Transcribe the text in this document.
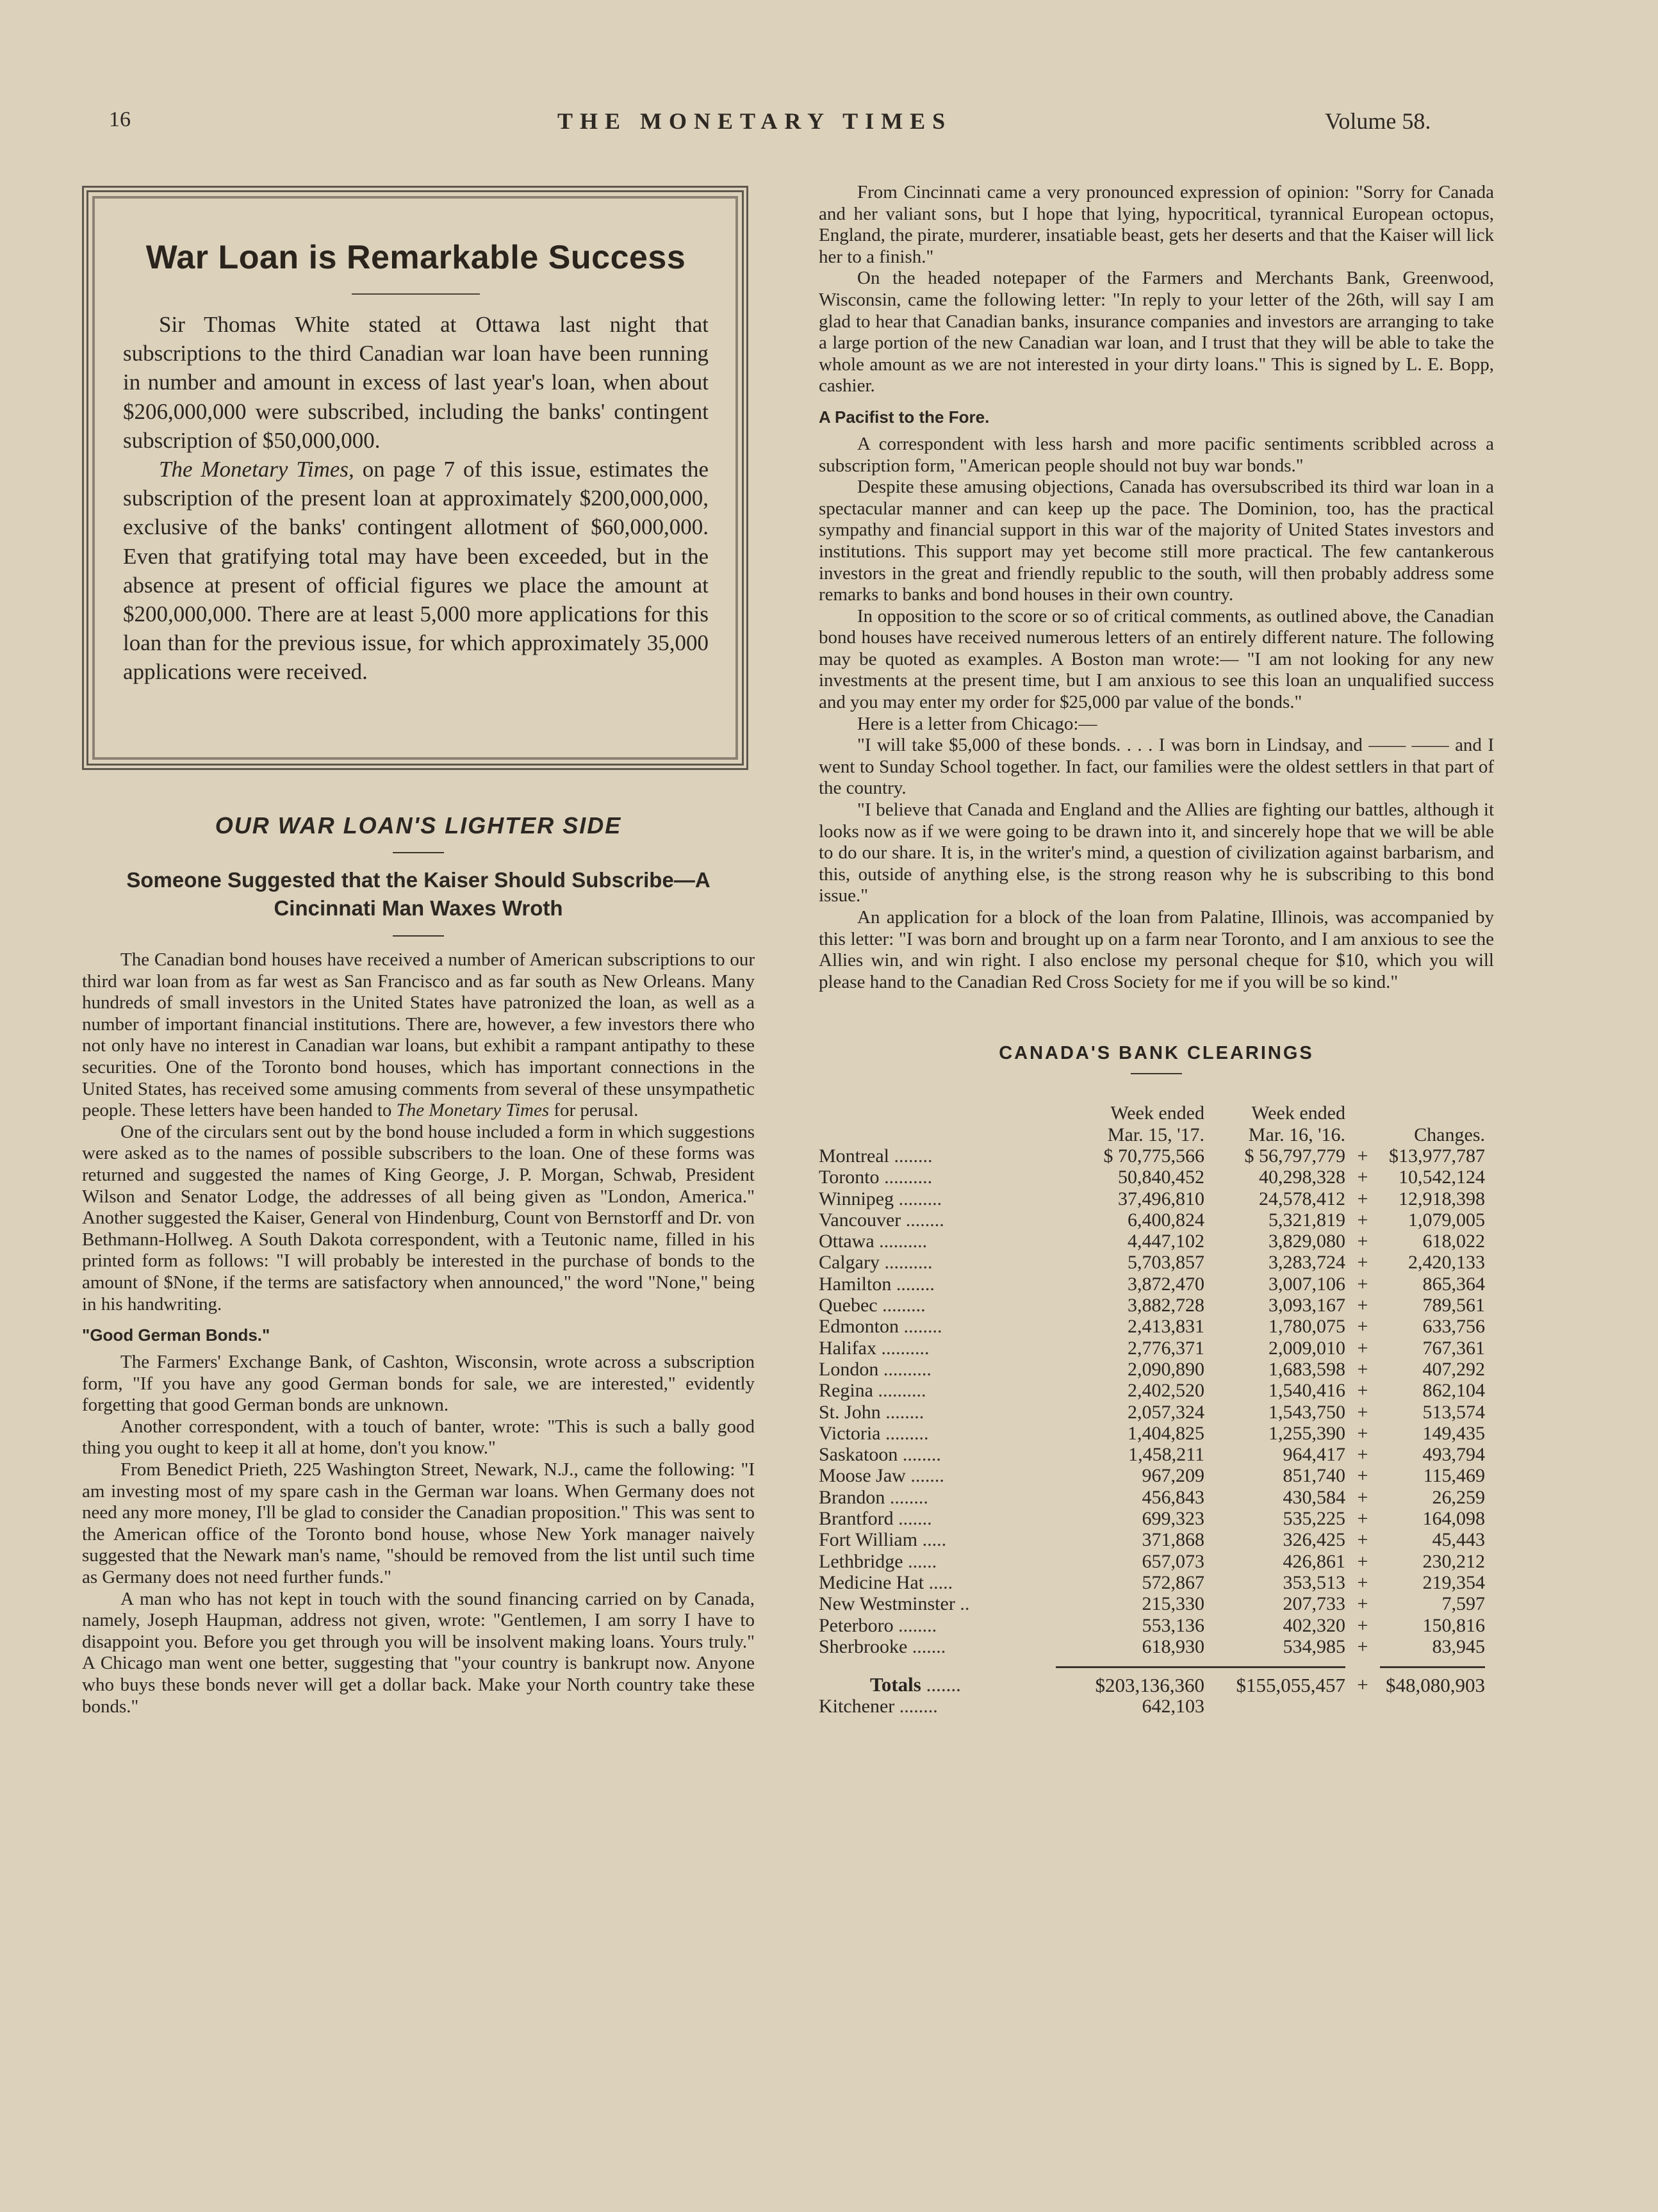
16	THE MONETARY TIMES	Volume 58.
War Loan is Remarkable Success

Sir Thomas White stated at Ottawa last night that subscriptions to the third Canadian war loan have been running in number and amount in excess of last year's loan, when about $206,000,000 were subscribed, including the banks' contingent subscription of $50,000,000.

The Monetary Times, on page 7 of this issue, estimates the subscription of the present loan at approximately $200,000,000, exclusive of the banks' contingent allotment of $60,000,000. Even that gratifying total may have been exceeded, but in the absence at present of official figures we place the amount at $200,000,000. There are at least 5,000 more applications for this loan than for the previous issue, for which approximately 35,000 applications were received.

OUR WAR LOAN'S LIGHTER SIDE

Someone Suggested that the Kaiser Should Subscribe—A Cincinnati Man Waxes Wroth

The Canadian bond houses have received a number of American subscriptions to our third war loan from as far west as San Francisco and as far south as New Orleans. Many hundreds of small investors in the United States have patronized the loan, as well as a number of important financial institutions. There are, however, a few investors there who not only have no interest in Canadian war loans, but exhibit a rampant antipathy to these securities. One of the Toronto bond houses, which has important connections in the United States, has received some amusing comments from several of these unsympathetic people. These letters have been handed to The Monetary Times for perusal.

One of the circulars sent out by the bond house included a form in which suggestions were asked as to the names of possible subscribers to the loan. One of these forms was returned and suggested the names of King George, J. P. Morgan, Schwab, President Wilson and Senator Lodge, the addresses of all being given as "London, America." Another suggested the Kaiser, General von Hindenburg, Count von Bernstorff and Dr. von Bethmann-Hollweg. A South Dakota correspondent, with a Teutonic name, filled in his printed form as follows: "I will probably be interested in the purchase of bonds to the amount of $None, if the terms are satisfactory when announced," the word "None," being in his handwriting.

"Good German Bonds."

The Farmers' Exchange Bank, of Cashton, Wisconsin, wrote across a subscription form, "If you have any good German bonds for sale, we are interested," evidently forgetting that good German bonds are unknown.

Another correspondent, with a touch of banter, wrote: "This is such a bally good thing you ought to keep it all at home, don't you know."

From Benedict Prieth, 225 Washington Street, Newark, N.J., came the following: "I am investing most of my spare cash in the German war loans. When Germany does not need any more money, I'll be glad to consider the Canadian proposition." This was sent to the American office of the Toronto bond house, whose New York manager naively suggested that the Newark man's name, "should be removed from the list until such time as Germany does not need further funds."

A man who has not kept in touch with the sound financing carried on by Canada, namely, Joseph Haupman, address not given, wrote: "Gentlemen, I am sorry I have to disappoint you. Before you get through you will be insolvent making loans. Yours truly." A Chicago man went one better, suggesting that "your country is bankrupt now. Anyone who buys these bonds never will get a dollar back. Make your North country take these bonds."

From Cincinnati came a very pronounced expression of opinion: "Sorry for Canada and her valiant sons, but I hope that lying, hypocritical, tyrannical European octopus, England, the pirate, murderer, insatiable beast, gets her deserts and that the Kaiser will lick her to a finish."

On the headed notepaper of the Farmers and Merchants Bank, Greenwood, Wisconsin, came the following letter: "In reply to your letter of the 26th, will say I am glad to hear that Canadian banks, insurance companies and investors are arranging to take a large portion of the new Canadian war loan, and I trust that they will be able to take the whole amount as we are not interested in your dirty loans." This is signed by L. E. Bopp, cashier.

A Pacifist to the Fore.

A correspondent with less harsh and more pacific sentiments scribbled across a subscription form, "American people should not buy war bonds."

Despite these amusing objections, Canada has oversubscribed its third war loan in a spectacular manner and can keep up the pace. The Dominion, too, has the practical sympathy and financial support in this war of the majority of United States investors and institutions. This support may yet become still more practical. The few cantankerous investors in the great and friendly republic to the south, will then probably address some remarks to banks and bond houses in their own country.

In opposition to the score or so of critical comments, as outlined above, the Canadian bond houses have received numerous letters of an entirely different nature. The following may be quoted as examples. A Boston man wrote:— "I am not looking for any new investments at the present time, but I am anxious to see this loan an unqualified success and you may enter my order for $25,000 par value of the bonds."

Here is a letter from Chicago:—

"I will take $5,000 of these bonds. . . . I was born in Lindsay, and —— —— and I went to Sunday School together. In fact, our families were the oldest settlers in that part of the country.

"I believe that Canada and England and the Allies are fighting our battles, although it looks now as if we were going to be drawn into it, and sincerely hope that we will be able to do our share. It is, in the writer's mind, a question of civilization against barbarism, and this, outside of anything else, is the strong reason why he is subscribing to this bond issue."

An application for a block of the loan from Palatine, Illinois, was accompanied by this letter: "I was born and brought up on a farm near Toronto, and I am anxious to see the Allies win, and win right. I also enclose my personal cheque for $10, which you will please hand to the Canadian Red Cross Society for me if you will be so kind."

CANADA'S BANK CLEARINGS
	Week ended	Week ended		
	Mar. 15, '17.	Mar. 16, '16.		Changes.
Montreal ........	$ 70,775,566	$ 56,797,779	+	$13,977,787
Toronto ..........	50,840,452	40,298,328	+	10,542,124
Winnipeg .........	37,496,810	24,578,412	+	12,918,398
Vancouver ........	6,400,824	5,321,819	+	1,079,005
Ottawa ..........	4,447,102	3,829,080	+	618,022
Calgary ..........	5,703,857	3,283,724	+	2,420,133
Hamilton ........	3,872,470	3,007,106	+	865,364
Quebec .........	3,882,728	3,093,167	+	789,561
Edmonton ........	2,413,831	1,780,075	+	633,756
Halifax ..........	2,776,371	2,009,010	+	767,361
London ..........	2,090,890	1,683,598	+	407,292
Regina ..........	2,402,520	1,540,416	+	862,104
St. John ........	2,057,324	1,543,750	+	513,574
Victoria .........	1,404,825	1,255,390	+	149,435
Saskatoon ........	1,458,211	964,417	+	493,794
Moose Jaw .......	967,209	851,740	+	115,469
Brandon ........	456,843	430,584	+	26,259
Brantford .......	699,323	535,225	+	164,098
Fort William .....	371,868	326,425	+	45,443
Lethbridge ......	657,073	426,861	+	230,212
Medicine Hat .....	572,867	353,513	+	219,354
New Westminster ..	215,330	207,733	+	7,597
Peterboro ........	553,136	402,320	+	150,816
Sherbrooke .......	618,930	534,985	+	83,945

Totals .......	$203,136,360	$155,055,457	+	$48,080,903
Kitchener ........	642,103			
